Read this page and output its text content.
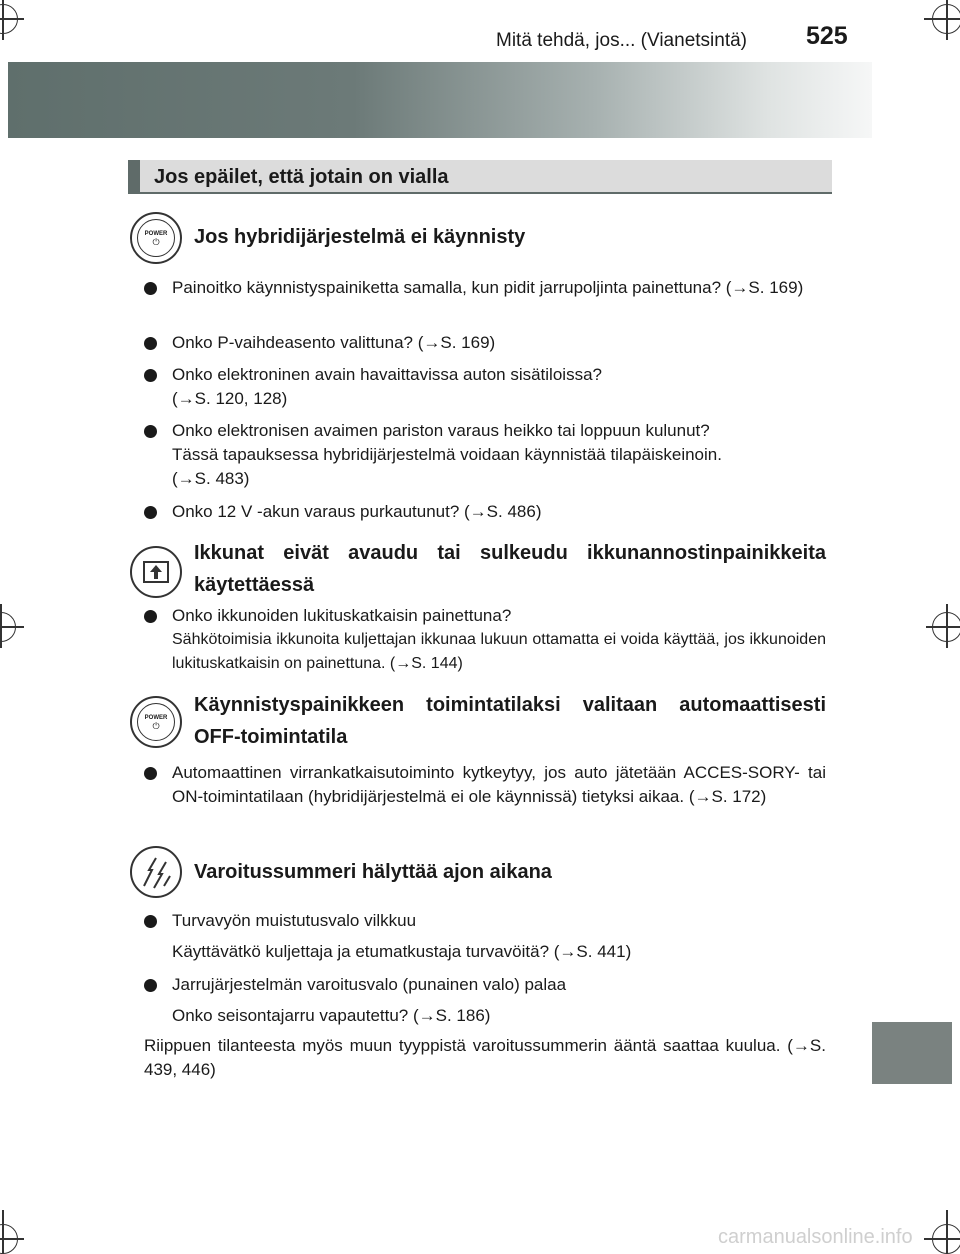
525
Mitä tehdä, jos... (Vianetsintä)
Jos epäilet, että jotain on vialla
POWER
⏻	Jos hybridijärjestelmä ei käynnisty
Painoitko käynnistyspainiketta samalla, kun pidit jarrupoljinta painettuna? (→S. 169)
Onko P-vaihdeasento valittuna? (→S. 169)
Onko elektroninen avain havaittavissa auton sisätiloissa?
(→S. 120, 128)
Onko elektronisen avaimen pariston varaus heikko tai loppuun kulunut?
Tässä tapauksessa hybridijärjestelmä voidaan käynnistää tilapäiskeinoin.
(→S. 483)
Onko 12 V -akun varaus purkautunut? (→S. 486)
Ikkunat eivät avaudu tai sulkeudu ikkunannostinpainikkeita käytettäessä
Onko ikkunoiden lukituskatkaisin painettuna?
Sähkötoimisia ikkunoita kuljettajan ikkunaa lukuun ottamatta ei voida käyttää, jos ikkunoiden lukituskatkaisin on painettuna. (→S. 144)
POWER
⏻
Käynnistyspainikkeen toimintatilaksi valitaan automaattisesti OFF-toimintatila
Automaattinen virrankatkaisutoiminto kytkeytyy, jos auto jätetään ACCES-SORY- tai ON-toimintatilaan (hybridijärjestelmä ei ole käynnissä) tietyksi aikaa. (→S. 172)
Varoitussummeri hälyttää ajon aikana
Turvavyön muistutusvalo vilkkuu
Käyttävätkö kuljettaja ja etumatkustaja turvavöitä? (→S. 441)
Jarrujärjestelmän varoitusvalo (punainen valo) palaa
Onko seisontajarru vapautettu? (→S. 186)
Riippuen tilanteesta myös muun tyyppistä varoitussummerin ääntä saattaa kuulua. (→S. 439, 446)
carmanualsonline.info
